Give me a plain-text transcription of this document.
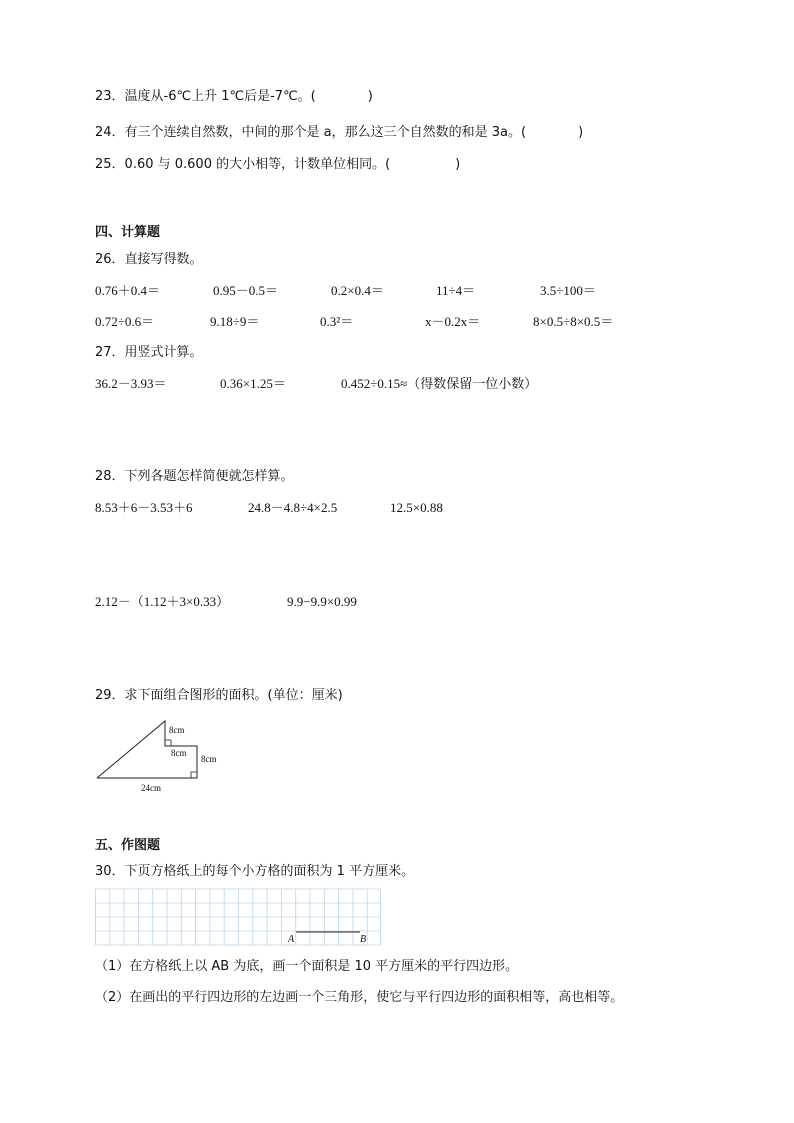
23．温度从-6℃上升 1℃后是-7℃。(　　　　)
24．有三个连续自然数，中间的那个是 a，那么这三个自然数的和是 3a。(　　　　)
25．0.60 与 0.600 的大小相等，计数单位相同。(　　　　　)
四、计算题
26．直接写得数。
0.76＋0.4＝	0.95－0.5＝	0.2×0.4＝	11÷4＝	3.5÷100＝
0.72÷0.6＝	9.18÷9＝	0.3²＝	x－0.2x＝	8×0.5÷8×0.5＝
27．用竖式计算。
36.2－3.93＝	0.36×1.25＝	0.452÷0.15≈（得数保留一位小数）
28．下列各题怎样简便就怎样算。
8.53＋6－3.53＋6	24.8－4.8÷4×2.5	12.5×0.88
2.12－（1.12＋3×0.33）	9.9−9.9×0.99
29．求下面组合图形的面积。(单位：厘米)
8cm
8cm
8cm
24cm
五、作图题
30．下页方格纸上的每个小方格的面积为 1 平方厘米。
A	B
（1）在方格纸上以 AB 为底，画一个面积是 10 平方厘米的平行四边形。
（2）在画出的平行四边形的左边画一个三角形，使它与平行四边形的面积相等，高也相等。
